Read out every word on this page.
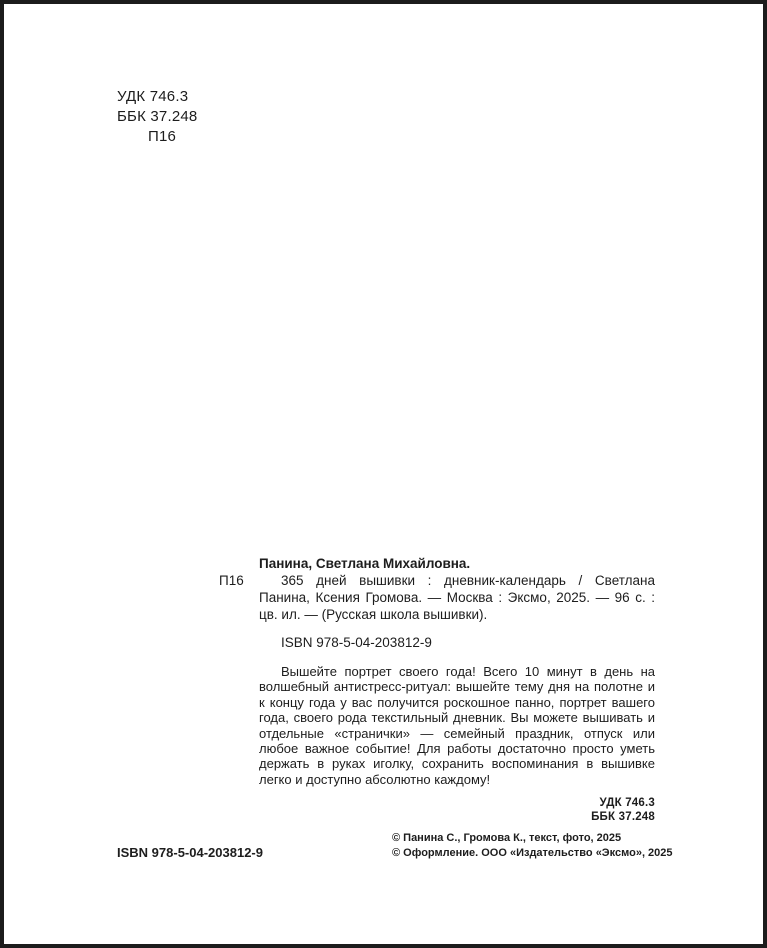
УДК 746.3
ББК 37.248
П16

Панина, Светлана Михайловна.

П16	365 дней вышивки : дневник-календарь / Светлана Панина, Ксения Громова. — Москва : Эксмо, 2025. — 96 с. : цв. ил. — (Русская школа вышивки).

ISBN 978-5-04-203812-9

Вышейте портрет своего года! Всего 10 минут в день на волшебный антистресс-ритуал: вышейте тему дня на полотне и к концу года у вас получится роскошное панно, портрет вашего года, своего рода текстильный дневник. Вы можете вышивать и отдельные «странички» — семейный праздник, отпуск или любое важное событие! Для работы достаточно просто уметь держать в руках иголку, сохранить воспоминания в вышивке легко и доступно абсолютно каждому!

УДК 746.3
ББК 37.248
ISBN 978-5-04-203812-9
© Панина С., Громова К., текст, фото, 2025
© Оформление. ООО «Издательство «Эксмо», 2025
